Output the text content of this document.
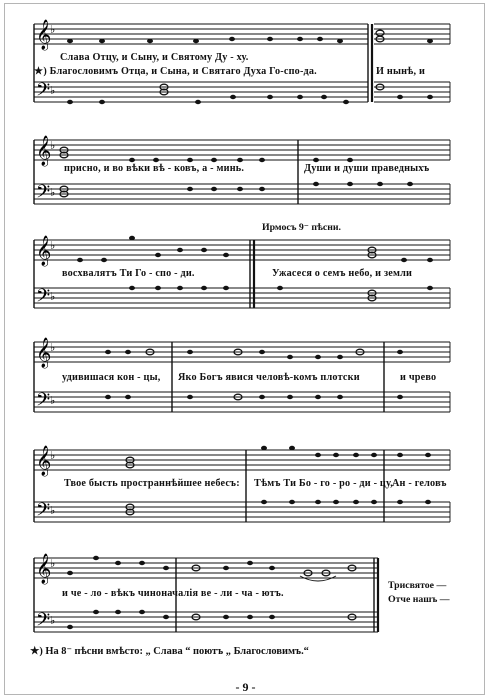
𝄞
♭
𝄢 ♭
Слава Отцу, и Сыну, и Святому Ду - ху.
★) Благословимъ Отца, и Сына, и Святаго Духа Го-спо-да.	И нынѣ, и
𝄞
♭
𝄢 ♭
присно, и во вѣки вѣ - ковъ, а - минь.	Души и души праведныхъ
Ирмосъ 9⁻ пѣсни.
𝄞
♭
𝄢 ♭
восхвалятъ Ти Го - спо - ди.	Ужасеся о семъ небо, и земли
𝄞
♭
𝄢 ♭
удивишася кон - цы, Яко Богъ явися человѣ-комъ плотски	и чрево
𝄞
♭
𝄢 ♭
Твое бысть пространнѣйшее небесъ: Тѣмъ Ти Бо - го - ро - ди - цу,
Ан - геловъ
𝄞
♭
𝄢 ♭
и че - ло - вѣкъ чиноначалія ве - ли - ча - ютъ.
Трисвятое —
Отче нашъ —
★) На 8⁻ пѣсни вмѣсто: „ Слава “ поютъ „ Благословимъ.“
- 9 -
